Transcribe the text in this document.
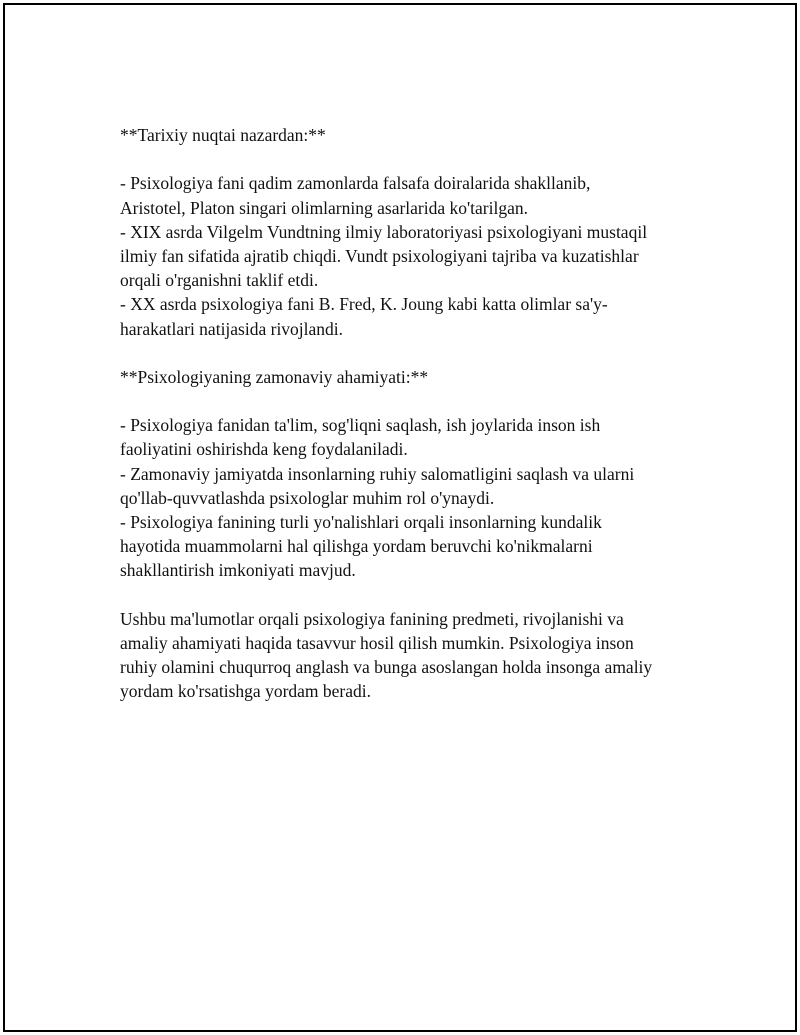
**Tarixiy nuqtai nazardan:**
- Psixologiya fani qadim zamonlarda falsafa doiralarida shakllanib,
Aristotel, Platon singari olimlarning asarlarida ko'tarilgan.
- XIX asrda Vilgelm Vundtning ilmiy laboratoriyasi psixologiyani mustaqil
ilmiy fan sifatida ajratib chiqdi. Vundt psixologiyani tajriba va kuzatishlar
orqali o'rganishni taklif etdi.
- XX asrda psixologiya fani B. Fred, K. Joung kabi katta olimlar sa'y-
harakatlari natijasida rivojlandi.
**Psixologiyaning zamonaviy ahamiyati:**
- Psixologiya fanidan ta'lim, sog'liqni saqlash, ish joylarida inson ish
faoliyatini oshirishda keng foydalaniladi.
- Zamonaviy jamiyatda insonlarning ruhiy salomatligini saqlash va ularni
qo'llab-quvvatlashda psixologlar muhim rol o'ynaydi.
- Psixologiya fanining turli yo'nalishlari orqali insonlarning kundalik
hayotida muammolarni hal qilishga yordam beruvchi ko'nikmalarni
shakllantirish imkoniyati mavjud.
Ushbu ma'lumotlar orqali psixologiya fanining predmeti, rivojlanishi va
amaliy ahamiyati haqida tasavvur hosil qilish mumkin. Psixologiya inson
ruhiy olamini chuqurroq anglash va bunga asoslangan holda insonga amaliy
yordam ko'rsatishga yordam beradi.
